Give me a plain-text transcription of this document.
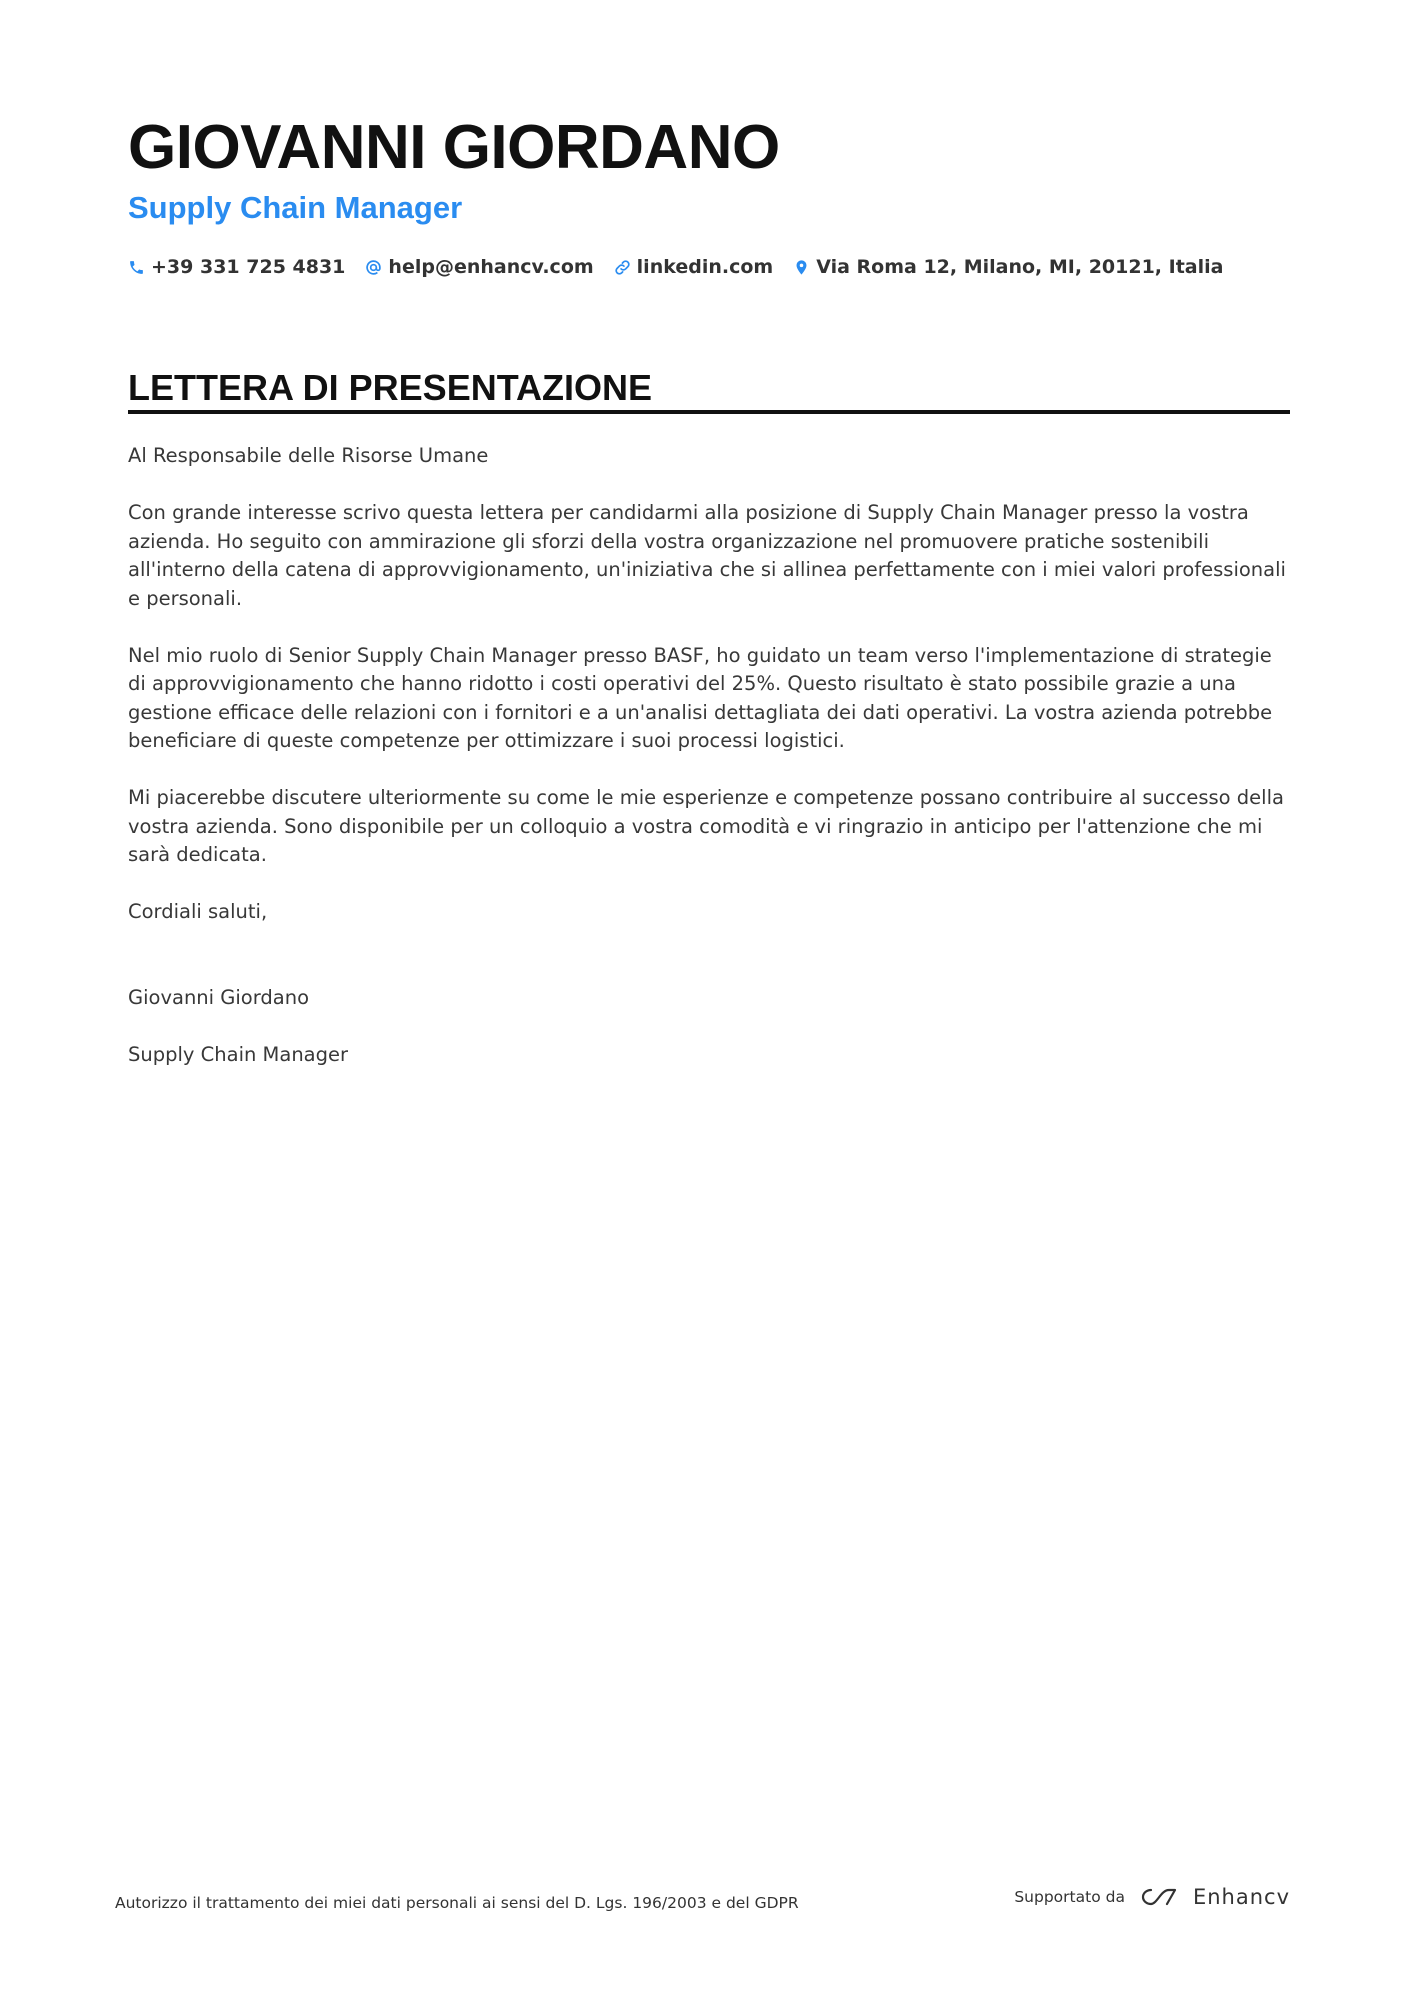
GIOVANNI GIORDANO
Supply Chain Manager
+39 331 725 4831 help@enhancv.com linkedin.com Via Roma 12, Milano, MI, 20121, Italia
LETTERA DI PRESENTAZIONE

Al Responsabile delle Risorse Umane

Con grande interesse scrivo questa lettera per candidarmi alla posizione di Supply Chain Manager presso la vostra azienda. Ho seguito con ammirazione gli sforzi della vostra organizzazione nel promuovere pratiche sostenibili all'interno della catena di approvvigionamento, un'iniziativa che si allinea perfettamente con i miei valori professionali e personali.

Nel mio ruolo di Senior Supply Chain Manager presso BASF, ho guidato un team verso l'implementazione di strategie di approvvigionamento che hanno ridotto i costi operativi del 25%. Questo risultato è stato possibile grazie a una gestione efficace delle relazioni con i fornitori e a un'analisi dettagliata dei dati operativi. La vostra azienda potrebbe beneficiare di queste competenze per ottimizzare i suoi processi logistici.

Mi piacerebbe discutere ulteriormente su come le mie esperienze e competenze possano contribuire al successo della vostra azienda. Sono disponibile per un colloquio a vostra comodità e vi ringrazio in anticipo per l'attenzione che mi sarà dedicata.

Cordiali saluti,

Giovanni Giordano

Supply Chain Manager

Autorizzo il trattamento dei miei dati personali ai sensi del D. Lgs. 196/2003 e del GDPR	Supportato da	Enhancv
